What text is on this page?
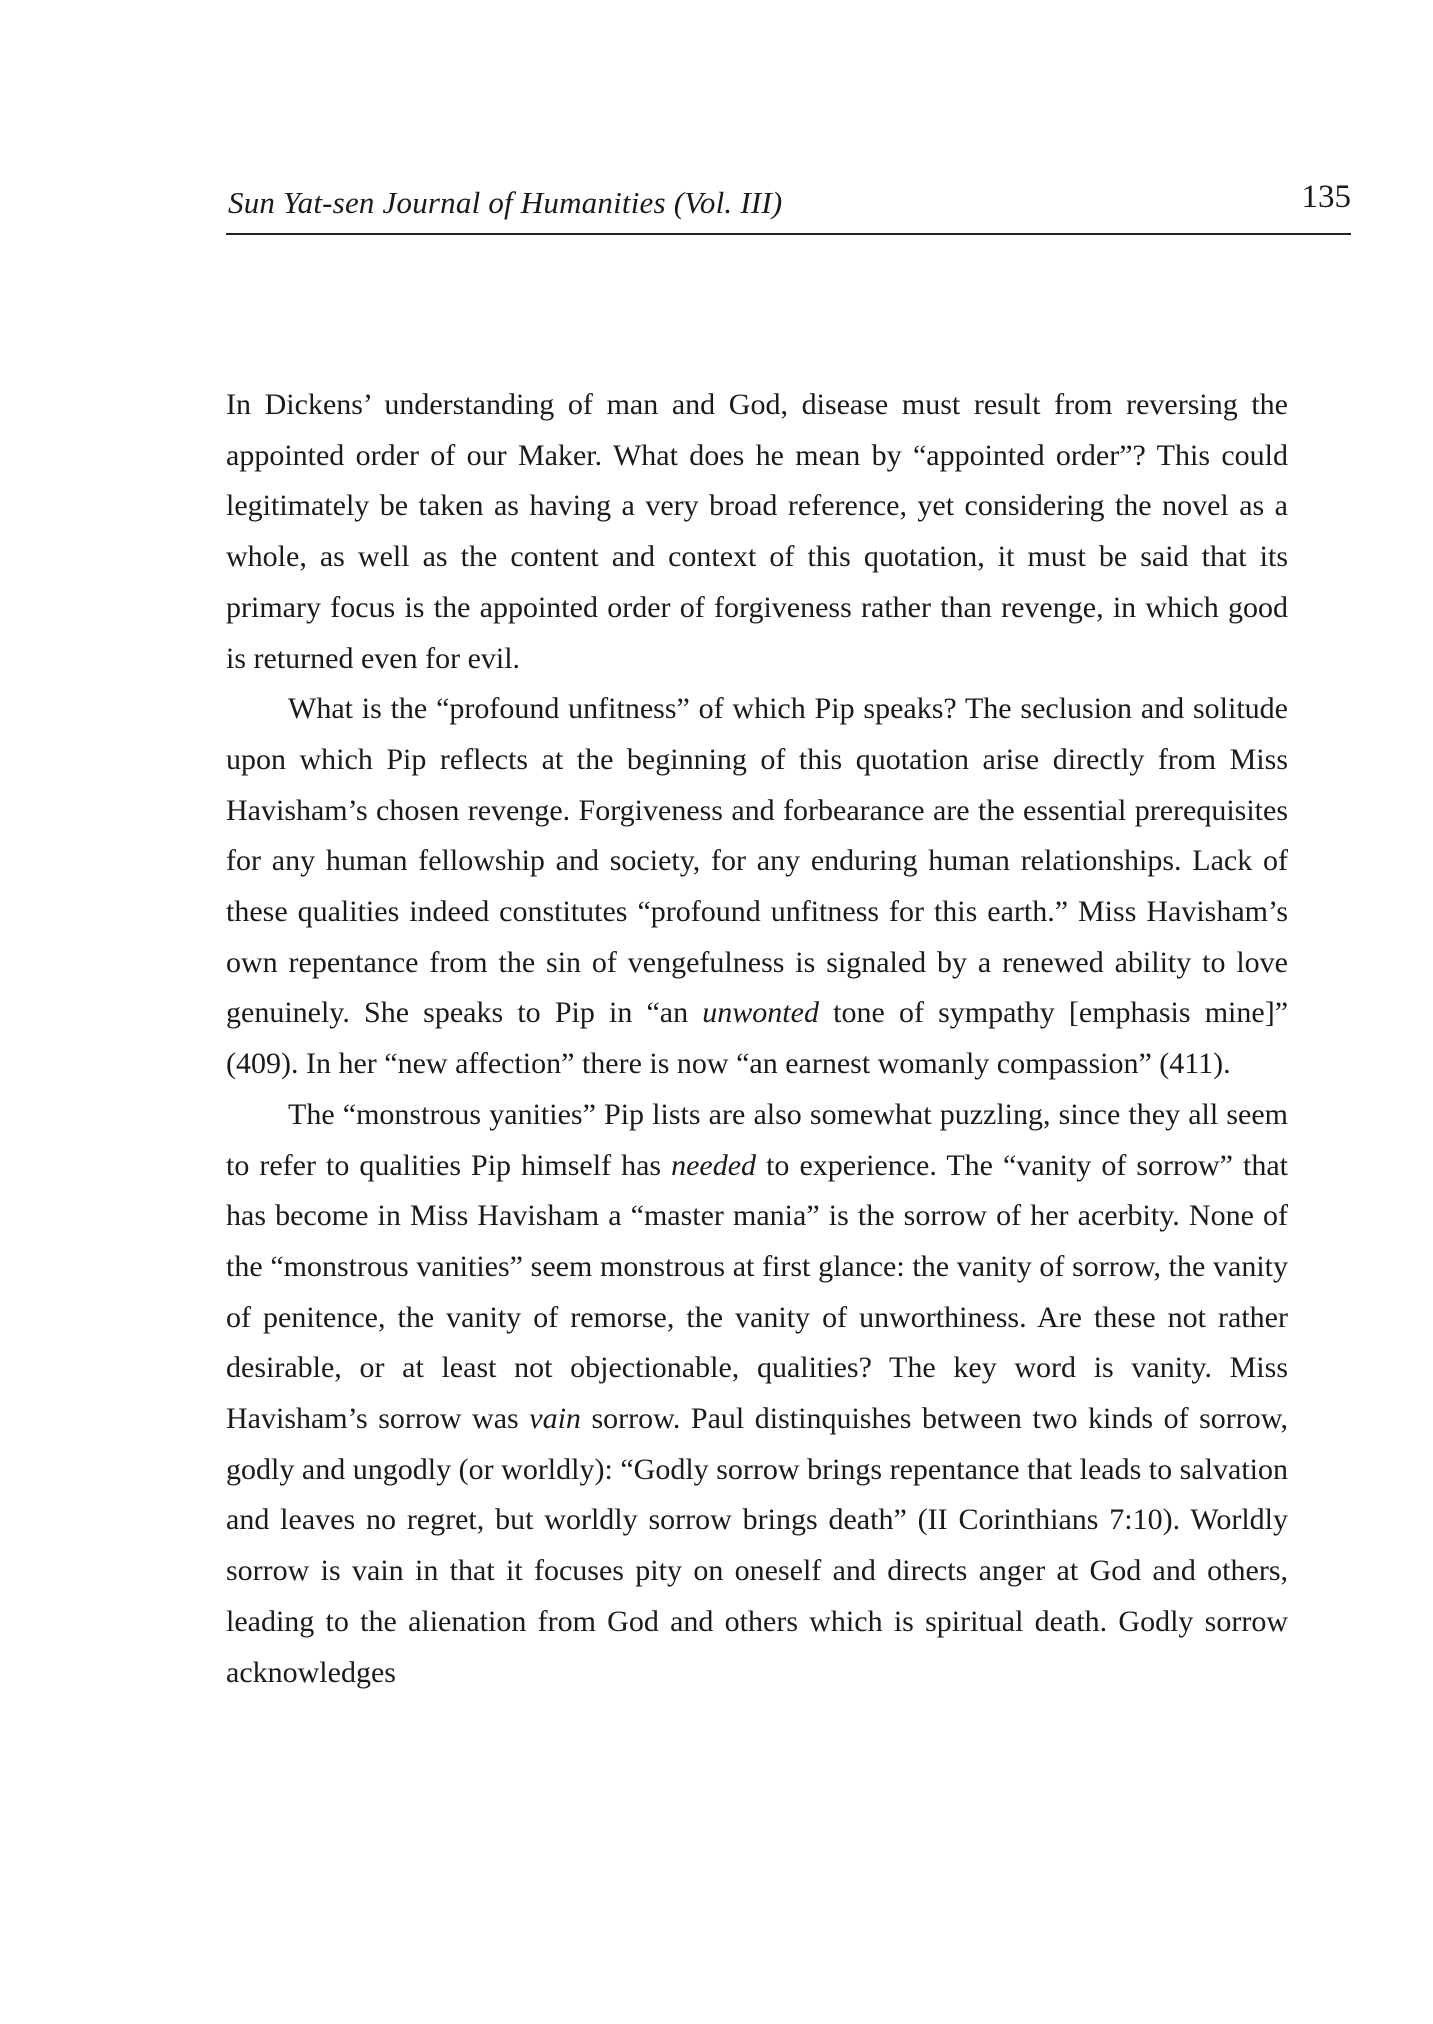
Sun Yat-sen Journal of Humanities (Vol. III)	135

In Dickens’ understanding of man and God, disease must result from reversing the appointed order of our Maker. What does he mean by “appointed order”? This could legitimately be taken as having a very broad reference, yet considering the novel as a whole, as well as the content and context of this quotation, it must be said that its primary focus is the appointed order of forgiveness rather than revenge, in which good is returned even for evil.

What is the “profound unfitness” of which Pip speaks? The seclusion and solitude upon which Pip reflects at the beginning of this quotation arise directly from Miss Havisham’s chosen revenge. Forgiveness and forbearance are the essential prerequisites for any human fellowship and society, for any enduring human relationships. Lack of these qualities indeed constitutes “profound unfitness for this earth.” Miss Havisham’s own repentance from the sin of vengefulness is signaled by a renewed ability to love genuinely. She speaks to Pip in “an unwonted tone of sympathy [emphasis mine]” (409). In her “new affection” there is now “an earnest womanly compassion” (411).

The “monstrous yanities” Pip lists are also somewhat puzzling, since they all seem to refer to qualities Pip himself has needed to experience. The “vanity of sorrow” that has become in Miss Havisham a “master mania” is the sorrow of her acerbity. None of the “monstrous vanities” seem monstrous at first glance: the vanity of sorrow, the vanity of penitence, the vanity of remorse, the vanity of unworthiness. Are these not rather desirable, or at least not objectionable, qualities? The key word is vanity. Miss Havisham’s sorrow was vain sorrow. Paul distinquishes between two kinds of sorrow, godly and ungodly (or worldly): “Godly sorrow brings repentance that leads to salvation and leaves no regret, but worldly sorrow brings death” (II Corinthians 7:10). Worldly sorrow is vain in that it focuses pity on oneself and directs anger at God and others, leading to the alienation from God and others which is spiritual death. Godly sorrow acknowledges
